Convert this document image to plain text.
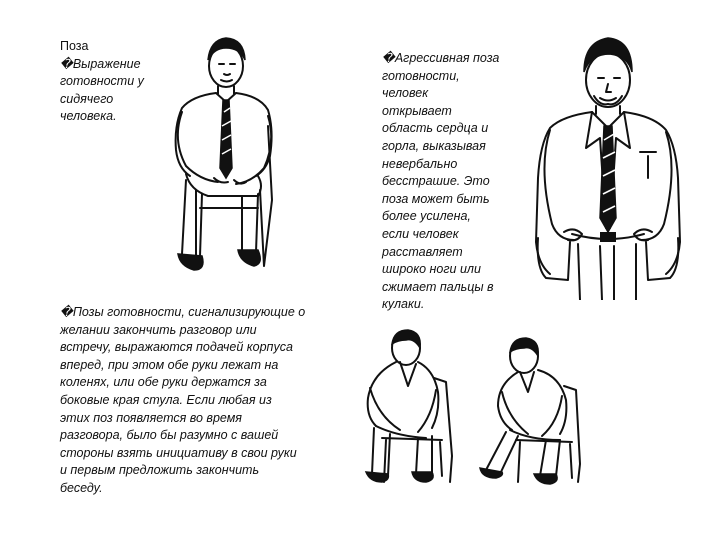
Поза
�Выражение
готовности у
сидячего
человека.
�Агрессивная поза
готовности,
человек
открывает
область сердца и
горла, выказывая
невербально
бесстрашие. Это
поза может быть
более усилена,
если человек
расставляет
широко ноги или
сжимает пальцы в
кулаки.
�Позы готовности, сигнализирующие о
желании закончить разговор или
встречу, выражаются подачей корпуса
вперед, при этом обе руки лежат на
коленях, или обе руки держатся за
боковые края стула. Если любая из
этих поз появляется во время
разговора, было бы разумно с вашей
стороны взять инициативу в свои руки
и первым предложить закончить
беседу.
